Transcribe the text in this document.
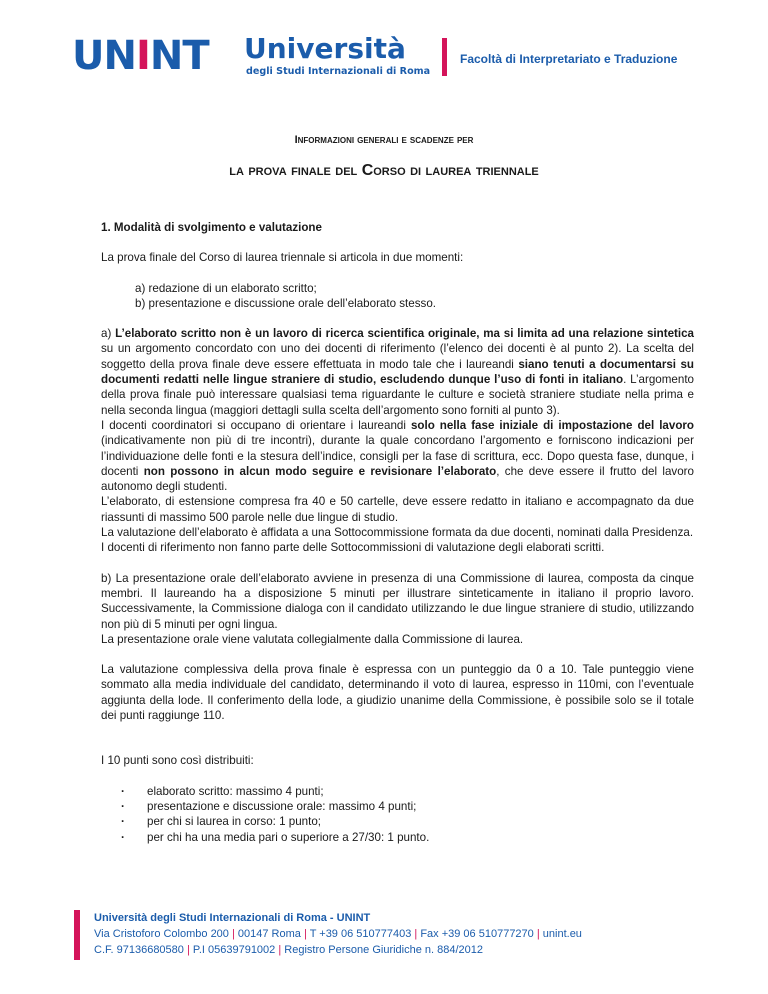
UNINT Università
degli Studi Internazionali di Roma
Facoltà di Interpretariato e Traduzione
Informazioni generali e scadenze per
la prova finale del Corso di laurea triennale

1. Modalità di svolgimento e valutazione

La prova finale del Corso di laurea triennale si articola in due momenti:

a) redazione di un elaborato scritto;
b) presentazione e discussione orale dell’elaborato stesso.

a) L’elaborato scritto non è un lavoro di ricerca scientifica originale, ma si limita ad una relazione sintetica su un argomento concordato con uno dei docenti di riferimento (l’elenco dei docenti è al punto 2). La scelta del soggetto della prova finale deve essere effettuata in modo tale che i laureandi siano tenuti a documentarsi su documenti redatti nelle lingue straniere di studio, escludendo dunque l’uso di fonti in italiano. L’argomento della prova finale può interessare qualsiasi tema riguardante le culture e società straniere studiate nella prima e nella seconda lingua (maggiori dettagli sulla scelta dell’argomento sono forniti al punto 3).

I docenti coordinatori si occupano di orientare i laureandi solo nella fase iniziale di impostazione del lavoro (indicativamente non più di tre incontri), durante la quale concordano l’argomento e forniscono indicazioni per l’individuazione delle fonti e la stesura dell’indice, consigli per la fase di scrittura, ecc. Dopo questa fase, dunque, i docenti non possono in alcun modo seguire e revisionare l’elaborato, che deve essere il frutto del lavoro autonomo degli studenti.

L’elaborato, di estensione compresa fra 40 e 50 cartelle, deve essere redatto in italiano e accompagnato da due riassunti di massimo 500 parole nelle due lingue di studio.

La valutazione dell’elaborato è affidata a una Sottocommissione formata da due docenti, nominati dalla Presidenza.

I docenti di riferimento non fanno parte delle Sottocommissioni di valutazione degli elaborati scritti.

b) La presentazione orale dell’elaborato avviene in presenza di una Commissione di laurea, composta da cinque membri. Il laureando ha a disposizione 5 minuti per illustrare sinteticamente in italiano il proprio lavoro. Successivamente, la Commissione dialoga con il candidato utilizzando le due lingue straniere di studio, utilizzando non più di 5 minuti per ogni lingua.

La presentazione orale viene valutata collegialmente dalla Commissione di laurea.

La valutazione complessiva della prova finale è espressa con un punteggio da 0 a 10. Tale punteggio viene sommato alla media individuale del candidato, determinando il voto di laurea, espresso in 110mi, con l’eventuale aggiunta della lode. Il conferimento della lode, a giudizio unanime della Commissione, è possibile solo se il totale dei punti raggiunge 110.

I 10 punti sono così distribuiti:

· elaborato scritto: massimo 4 punti;
· presentazione e discussione orale: massimo 4 punti;
· per chi si laurea in corso: 1 punto;
· per chi ha una media pari o superiore a 27/30: 1 punto.
Università degli Studi Internazionali di Roma - UNINT
Via Cristoforo Colombo 200 | 00147 Roma | T +39 06 510777403 | Fax +39 06 510777270 | unint.eu
C.F. 97136680580 | P.I 05639791002 | Registro Persone Giuridiche n. 884/2012
